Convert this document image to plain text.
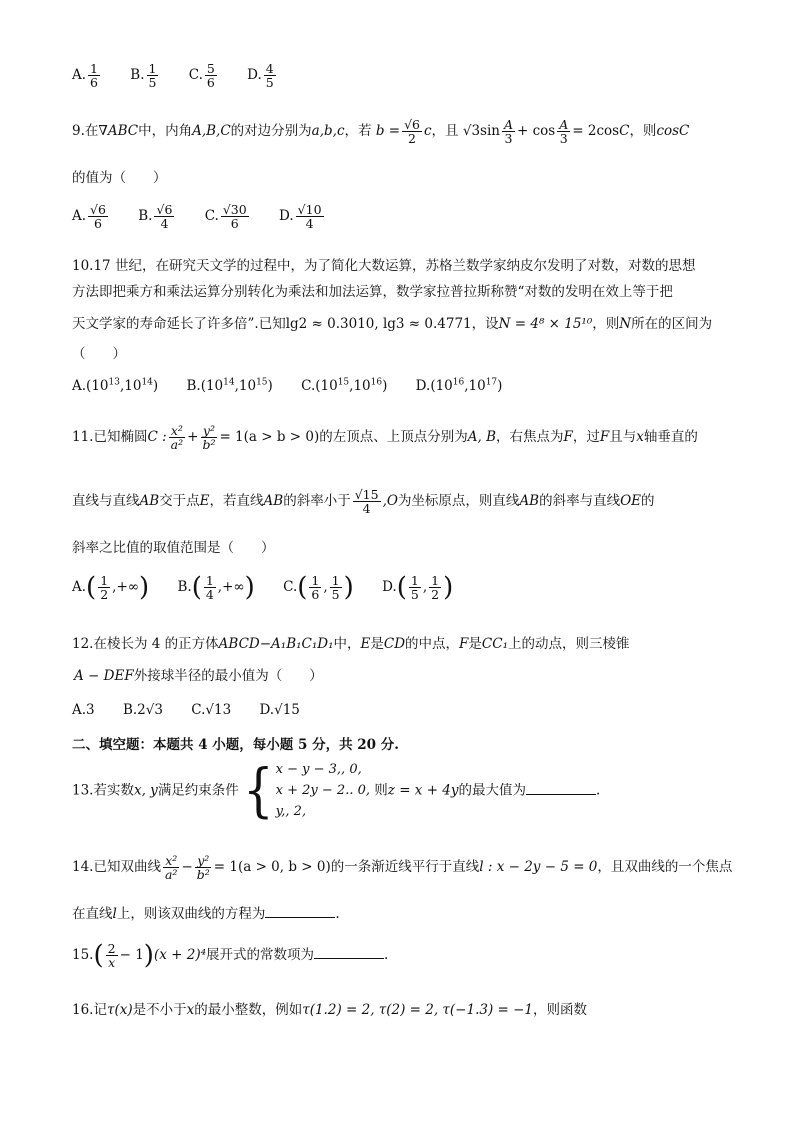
A. $\frac{1}{6} B$. $\frac{1}{5} C$. $\frac{5}{6} D$. $\frac{4}{5}$
9.在∇ABC中，内角A,B,C的对边分别为a,b,c，若 $b = \frac{√6}{2}$ c，且 $√3\sin \frac{A}{3} + \cos \frac{A}{3} = 2\cos C$，则cosC
的值为（　　）
A. $\frac{√6}{6} B$. $\frac{√6}{4} C$. $\frac{√30}{6} D$. $\frac{√10}{4}$
10.17 世纪，在研究天文学的过程中，为了简化大数运算，苏格兰数学家纳皮尔发明了对数，对数的思想
方法即把乘方和乘法运算分别转化为乘法和加法运算，数学家拉普拉斯称赞“对数的发明在效上等于把
天文学家的寿命延长了许多倍”.已知lg2 ≈ 0.3010, lg3 ≈ 0.4771，设N = 4⁸ × 15¹⁰，则N所在的区间为
（　　）
$A.(10^{13},10^{14})$ $B.(10^{14},10^{15})$ $C.(10^{15},10^{16})$ $D.(10^{16},10^{17})$
11.已知椭圆C : $\frac{\text{x²}}{\text{a²}} + \frac{\text{y²}}{\text{b²}} = 1(a > b > 0)$的左顶点、上顶点分别为A, B，右焦点为F，过F且与x轴垂直的
直线与直线AB交于点E，若直线AB的斜率小于 $\frac{√15}{4} ,O$为坐标原点，则直线AB的斜率与直线OE的
斜率之比值的取值范围是（　　）
$A.( \frac{1}{2}$ ,+∞) $B.( \frac{1}{4}$ ,+∞) $C.( \frac{1}{6}$ , $\frac{1}{5}$ ) $D.( \frac{1}{5}$ , $\frac{1}{2}$ )
12.在棱长为 4 的正方体ABCD−A₁B₁C₁D₁中，E是CD的中点，F是CC₁上的动点，则三棱锥
A − DEF外接球半径的最小值为（　　）
A.3 B.2√3 C.√13 D.√15
二、填空题：本题共 4 小题，每小题 5 分，共 20 分.
13.若实数x, y满足约束条件 { x − y − 3,, 0,
x + 2y − 2.. 0,
y,, 2,
则z = x + 4y的最大值为	.
14.已知双曲线 $\frac{\text{x²}}{\text{a²}} - \frac{\text{y²}}{\text{b²}} = 1(a > 0$, b > 0)的一条渐近线平行于直线l : x − 2y − 5 = 0，且双曲线的一个焦点
在直线l上，则该双曲线的方程为	.
$15.( \frac{2}{x} - 1)(x + 2)^4$展开式的常数项为	.
16.记τ(x)是不小于x的最小整数，例如τ(1.2) = 2, τ(2) = 2, τ(−1.3) = −1，则函数
